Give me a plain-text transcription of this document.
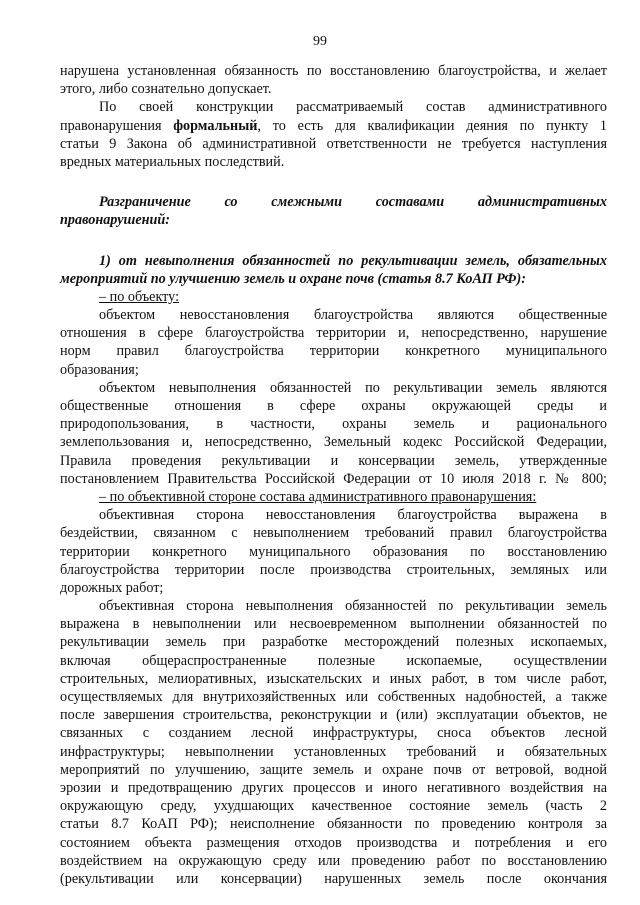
99
нарушена установленная обязанность по восстановлению благоустройства, и желает
этого, либо сознательно допускает.
По своей конструкции рассматриваемый состав административного
правонарушения формальный, то есть для квалификации деяния по пункту 1
статьи 9 Закона об административной ответственности не требуется наступления
вредных материальных последствий.
Разграничение со смежными составами административных
правонарушений:
1) от невыполнения обязанностей по рекультивации земель, обязательных
мероприятий по улучшению земель и охране почв (статья 8.7 КоАП РФ):
– по объекту:
объектом невосстановления благоустройства являются общественные
отношения в сфере благоустройства территории и, непосредственно, нарушение
норм правил благоустройства территории конкретного муниципального
образования;
объектом невыполнения обязанностей по рекультивации земель являются
общественные отношения в сфере охраны окружающей среды и
природопользования, в частности, охраны земель и рационального
землепользования и, непосредственно, Земельный кодекс Российской Федерации,
Правила проведения рекультивации и консервации земель, утвержденные
постановлением Правительства Российской Федерации от 10 июля 2018 г. № 800;
– по объективной стороне состава административного правонарушения:
объективная сторона невосстановления благоустройства выражена в
бездействии, связанном с невыполнением требований правил благоустройства
территории конкретного муниципального образования по восстановлению
благоустройства территории после производства строительных, земляных или
дорожных работ;
объективная сторона невыполнения обязанностей по рекультивации земель
выражена в невыполнении или несвоевременном выполнении обязанностей по
рекультивации земель при разработке месторождений полезных ископаемых,
включая общераспространенные полезные ископаемые, осуществлении
строительных, мелиоративных, изыскательских и иных работ, в том числе работ,
осуществляемых для внутрихозяйственных или собственных надобностей, а также
после завершения строительства, реконструкции и (или) эксплуатации объектов, не
связанных с созданием лесной инфраструктуры, сноса объектов лесной
инфраструктуры; невыполнении установленных требований и обязательных
мероприятий по улучшению, защите земель и охране почв от ветровой, водной
эрозии и предотвращению других процессов и иного негативного воздействия на
окружающую среду, ухудшающих качественное состояние земель (часть 2
статьи 8.7 КоАП РФ); неисполнение обязанности по проведению контроля за
состоянием объекта размещения отходов производства и потребления и его
воздействием на окружающую среду или проведению работ по восстановлению
(рекультивации или консервации) нарушенных земель после окончания
